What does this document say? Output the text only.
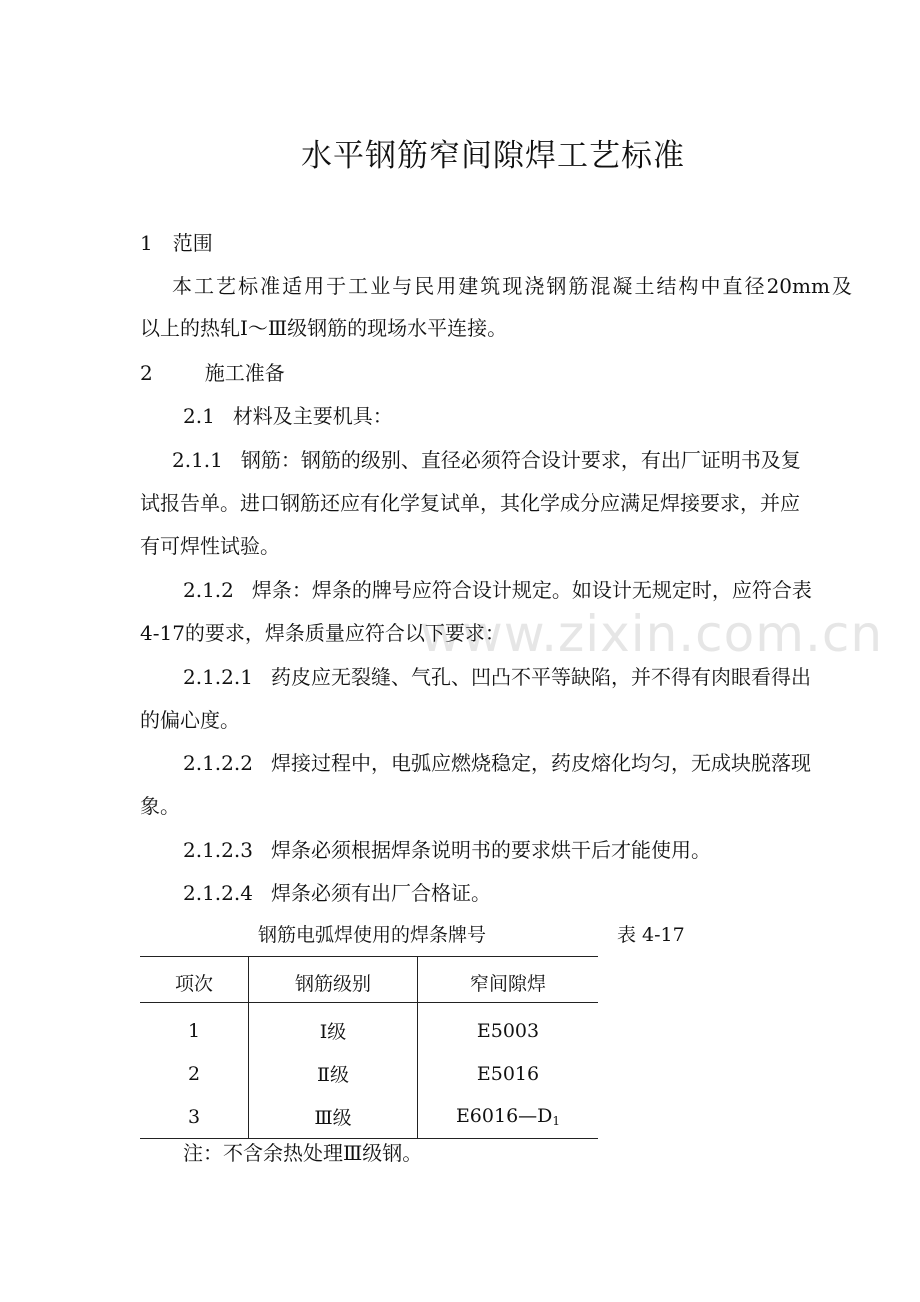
水平钢筋窄间隙焊工艺标准
www.zixin.com.cn
1 范围
本工艺标准适用于工业与民用建筑现浇钢筋混凝土结构中直径20mm及
以上的热轧Ⅰ～Ⅲ级钢筋的现场水平连接。
2	施工准备
2.1 材料及主要机具：
2.1.1 钢筋：钢筋的级别、直径必须符合设计要求，有出厂证明书及复
试报告单。进口钢筋还应有化学复试单，其化学成分应满足焊接要求，并应
有可焊性试验。
2.1.2 焊条：焊条的牌号应符合设计规定。如设计无规定时，应符合表
4-17的要求，焊条质量应符合以下要求：
2.1.2.1 药皮应无裂缝、气孔、凹凸不平等缺陷，并不得有肉眼看得出
的偏心度。
2.1.2.2 焊接过程中，电弧应燃烧稳定，药皮熔化均匀，无成块脱落现
象。
2.1.2.3 焊条必须根据焊条说明书的要求烘干后才能使用。
2.1.2.4 焊条必须有出厂合格证。
钢筋电弧焊使用的焊条牌号	表 4-17
项次	钢筋级别	窄间隙焊
1	Ⅰ级	E5003
2	Ⅱ级	E5016
3	Ⅲ级	$E6016—D_1$
注：不含余热处理Ⅲ级钢。
